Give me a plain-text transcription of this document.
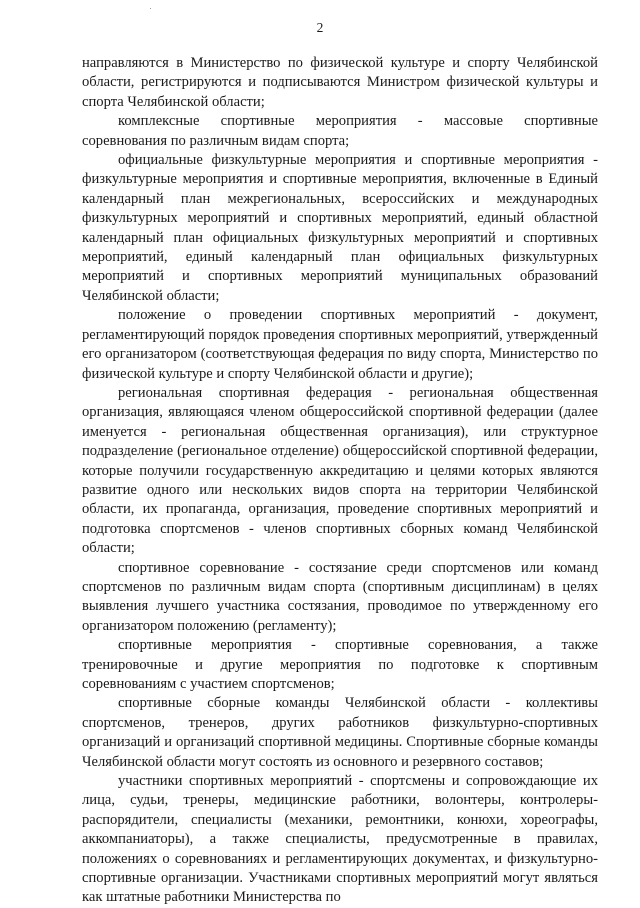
2

направляются в Министерство по физической культуре и спорту Челябинской области, регистрируются и подписываются Министром физической культуры и спорта Челябинской области;

комплексные спортивные мероприятия - массовые спортивные соревнования по различным видам спорта;

официальные физкультурные мероприятия и спортивные мероприятия - физкультурные мероприятия и спортивные мероприятия, включенные в Единый календарный план межрегиональных, всероссийских и международных физкультурных мероприятий и спортивных мероприятий, единый областной календарный план официальных физкультурных мероприятий и спортивных мероприятий, единый календарный план официальных физкультурных мероприятий и спортивных мероприятий муниципальных образований Челябинской области;

положение о проведении спортивных мероприятий - документ, регламентирующий порядок проведения спортивных мероприятий, утвержденный его организатором (соответствующая федерация по виду спорта, Министерство по физической культуре и спорту Челябинской области и другие);

региональная спортивная федерация - региональная общественная организация, являющаяся членом общероссийской спортивной федерации (далее именуется - региональная общественная организация), или структурное подразделение (региональное отделение) общероссийской спортивной федерации, которые получили государственную аккредитацию и целями которых являются развитие одного или нескольких видов спорта на территории Челябинской области, их пропаганда, организация, проведение спортивных мероприятий и подготовка спортсменов - членов спортивных сборных команд Челябинской области;

спортивное соревнование - состязание среди спортсменов или команд спортсменов по различным видам спорта (спортивным дисциплинам) в целях выявления лучшего участника состязания, проводимое по утвержденному его организатором положению (регламенту);

спортивные мероприятия - спортивные соревнования, а также тренировочные и другие мероприятия по подготовке к спортивным соревнованиям с участием спортсменов;

спортивные сборные команды Челябинской области - коллективы спортсменов, тренеров, других работников физкультурно-спортивных организаций и организаций спортивной медицины. Спортивные сборные команды Челябинской области могут состоять из основного и резервного составов;

участники спортивных мероприятий - спортсмены и сопровождающие их лица, судьи, тренеры, медицинские работники, волонтеры, контролеры-распорядители, специалисты (механики, ремонтники, конюхи, хореографы, аккомпаниаторы), а также специалисты, предусмотренные в правилах, положениях о соревнованиях и регламентирующих документах, и физкультурно-спортивные организации. Участниками спортивных мероприятий могут являться как штатные работники Министерства по
